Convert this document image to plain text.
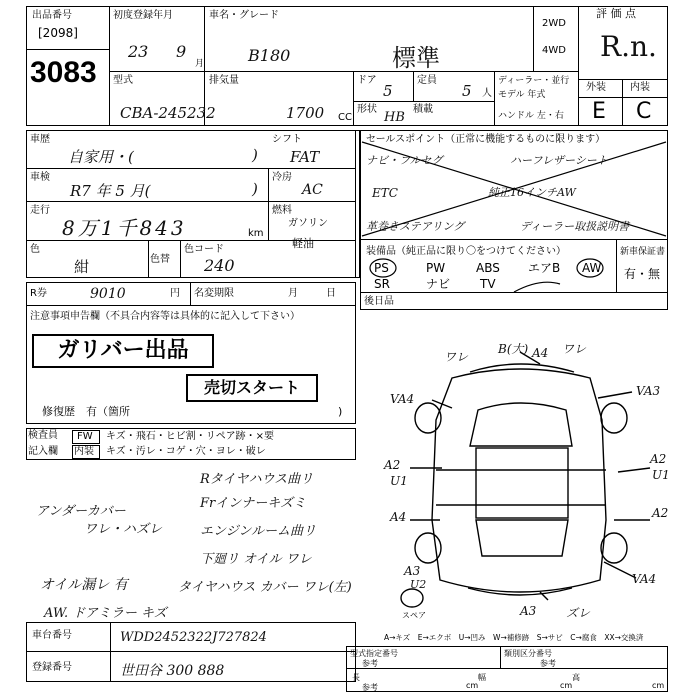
出品番号
[2098]
3083
初度登録年月
23 9
月
車名・グレード
B180	標準
2WD
4WD
評 価 点
R.n.
外装 内装
E C
型式
CBA-245232
排気量
1700 CC
ドア
5
定員
5 人
形状
HB
積載
ディーラー・並行
モデル 年式
ハンドル 左・右
車歴
自家用・(	)
車検
R7 年 5 月(	)
走行
8万1千843	km
色
紺	色替
色コード
240
シフト
FAT
冷房
AC
燃料
ガソリン
軽油
セールスポイント（正常に機能するものに限ります）
ナビ・フルセグ	ハーフレザーシート
ETC	純正16インチAW
革巻きステアリング	ディーラー取扱説明書
装備品（純正品に限り〇をつけてください）	新車保証書
有・無
PS	PW	ABS エアB AW
SR	ナビ TV
後日品
R券	9010	円 名変期限	月	日
注意事項申告欄（不具合内容等は具体的に記入して下さい）
ガリバー出品
売切スタート
修復歴　有（箇所	)
検査員
記入欄
FW キズ・飛石・ヒビ割・リペア跡・×要
内装 キズ・汚レ・コゲ・穴・ヨレ・破レ
Rタイヤハウス曲リ
アンダーカバー
ワレ・ハズレ
Frインナーキズミ
エンジンルーム曲リ
下廻リ オイル ワレ
オイル漏レ 有	タイヤハウス カバー ワレ(左)
AW. ドアミラー キズ
ワレ
B(大) A4 ワレ
VA4
VA3
A2
U1
A2
U1
A4	A2
A3
U2
スペア
VA4
A3 ズレ
A→キズ　E→エクボ　U→凹み　W→補修跡　S→サビ　C→腐食　XX→交換済
車台番号	WDD2452322J727824
登録番号	世田谷 300 888
型式指定番号
参考
類別区分番号
参考
長
参考	cm
幅
cm
高
cm
